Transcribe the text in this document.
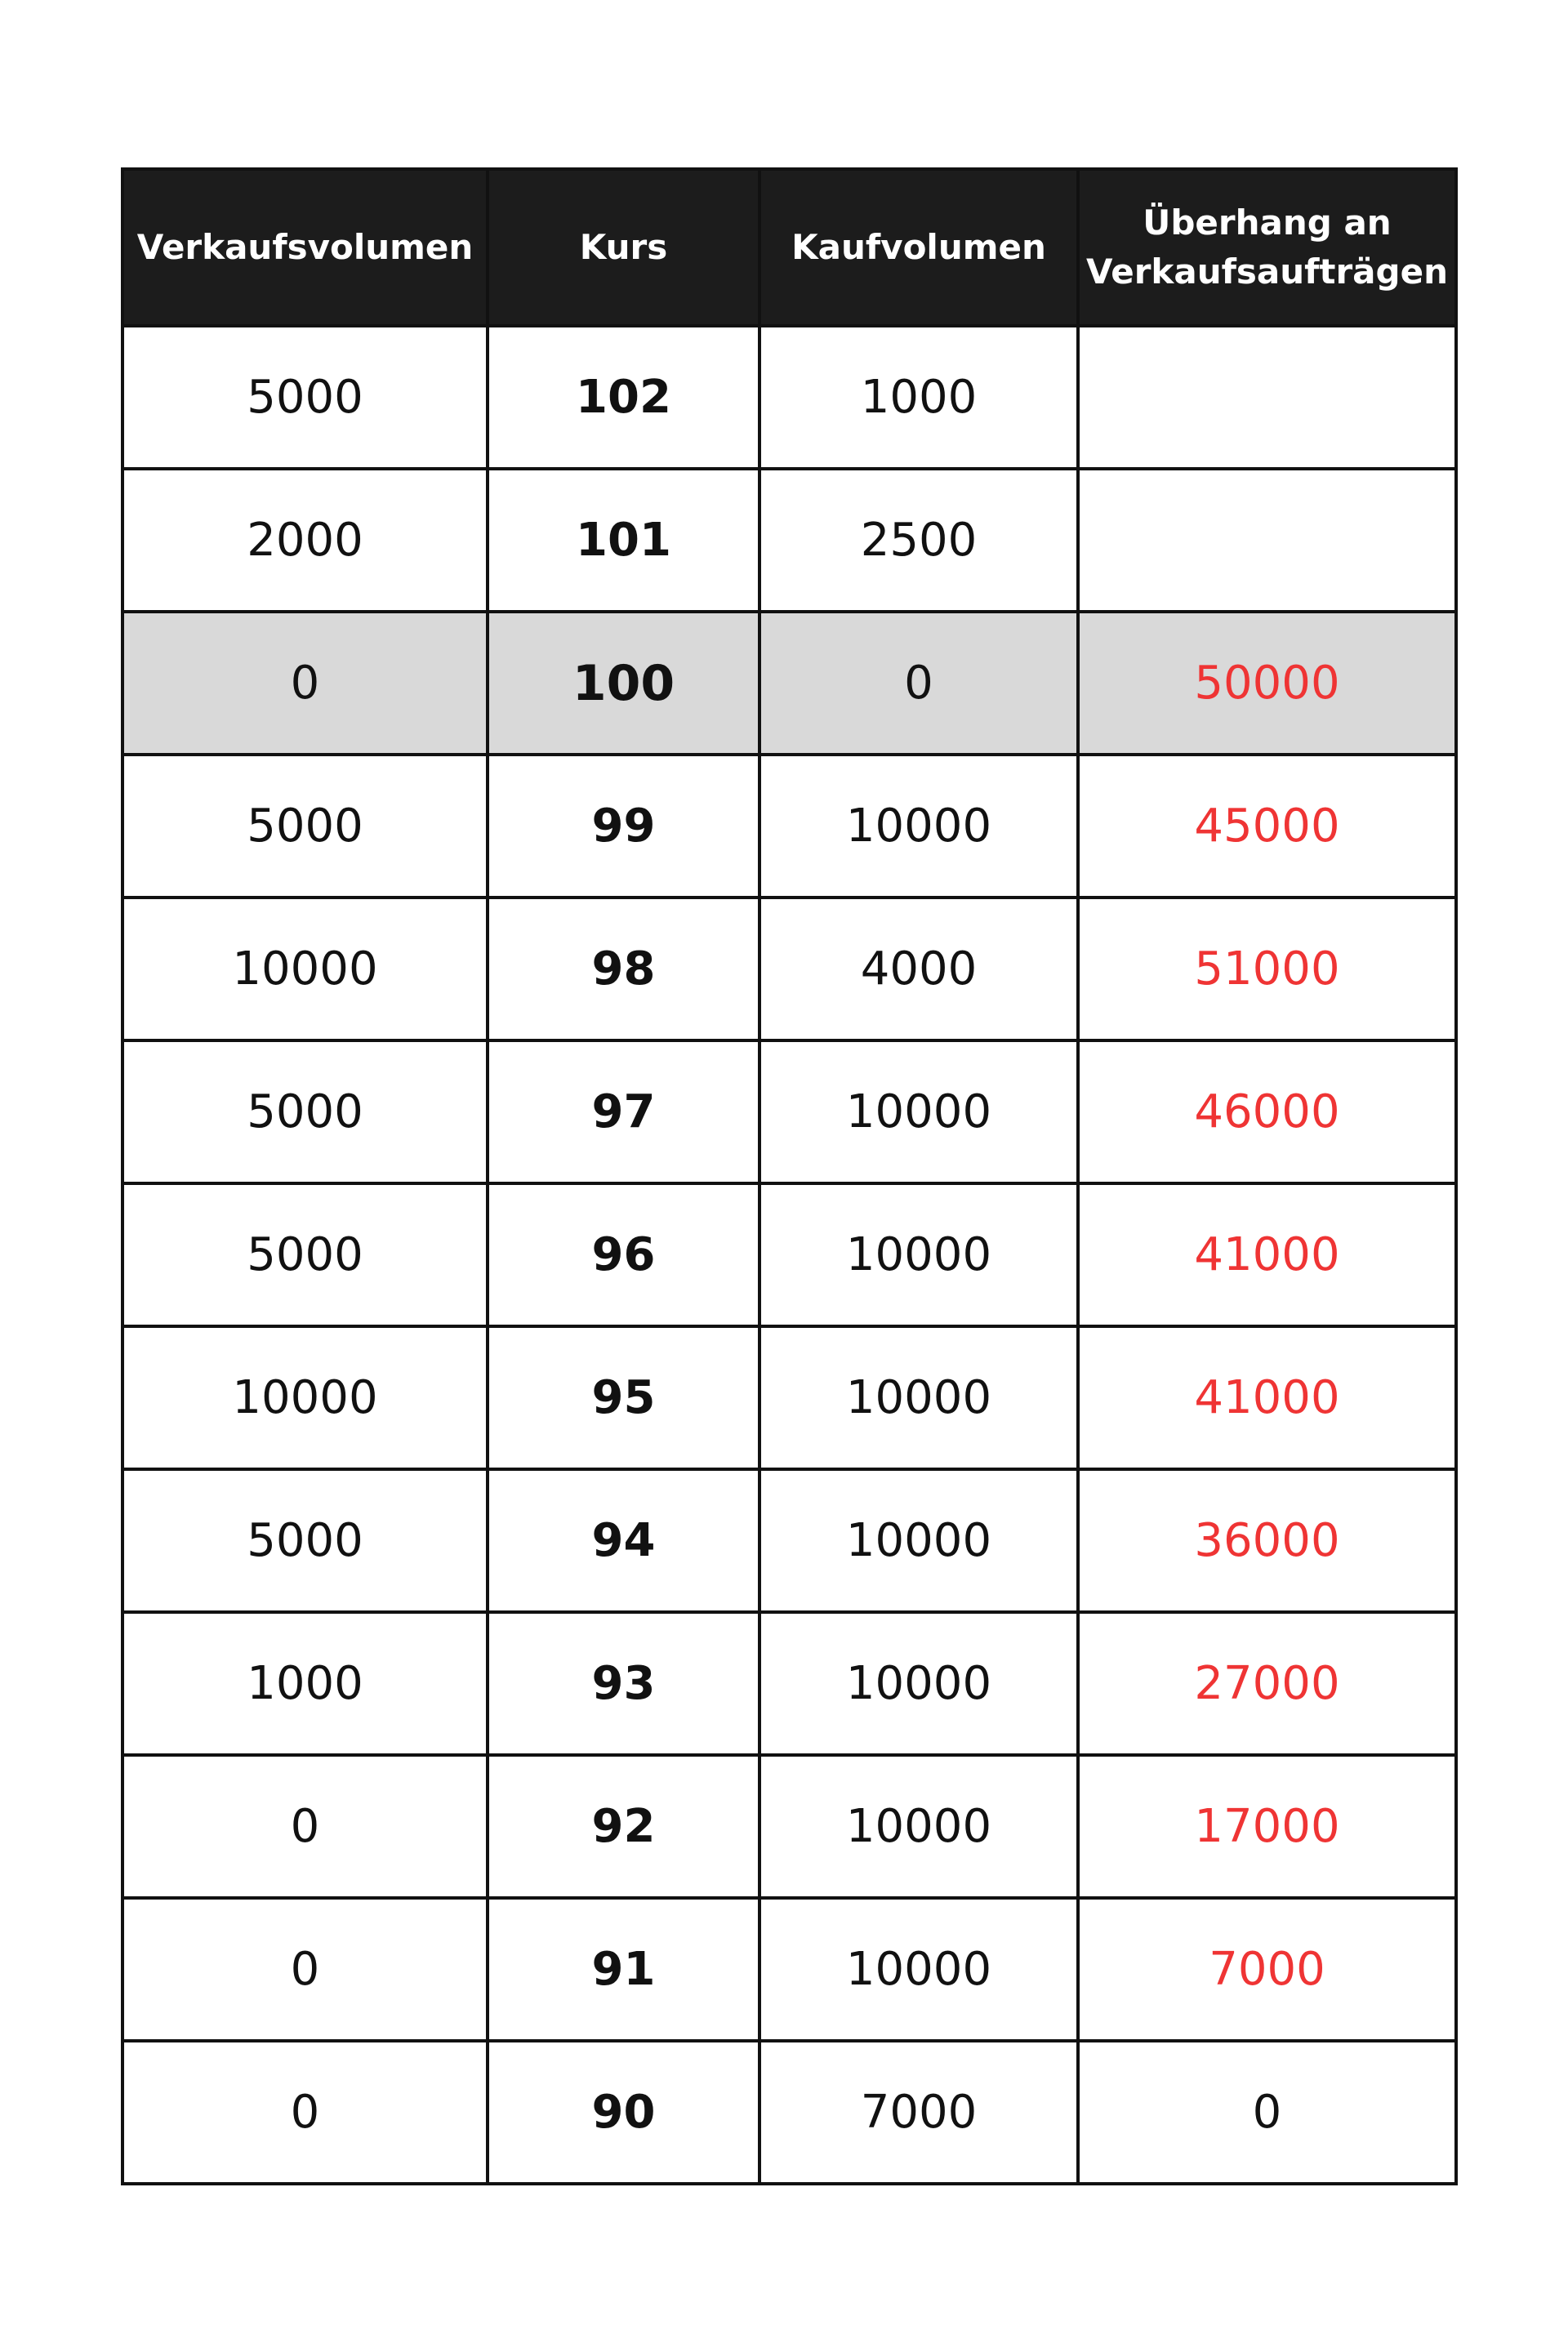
Verkaufsvolumen	Kurs	Kaufvolumen	Überhang an Verkaufsaufträgen
5000	102	1000	
2000	101	2500	
0	100	0	50000
5000	99	10000	45000
10000	98	4000	51000
5000	97	10000	46000
5000	96	10000	41000
10000	95	10000	41000
5000	94	10000	36000
1000	93	10000	27000
0	92	10000	17000
0	91	10000	7000
0	90	7000	0
